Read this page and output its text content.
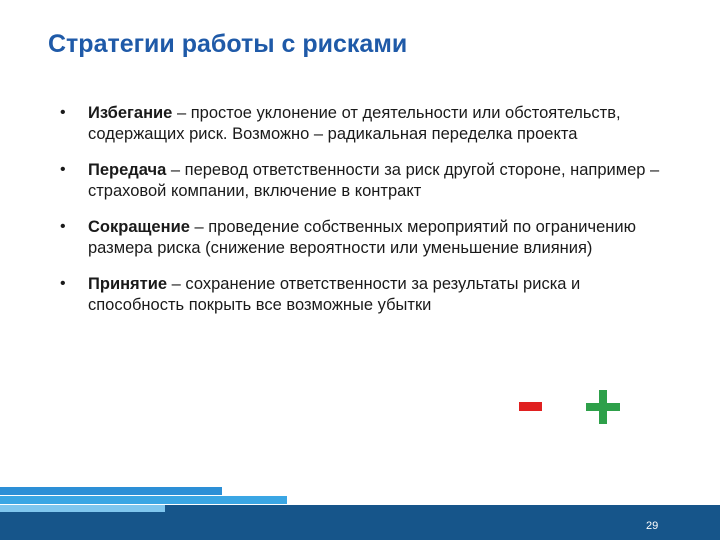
Стратегии работы с рисками
• Избегание – простое уклонение от деятельности или обстоятельств, содержащих риск. Возможно – радикальная переделка проекта
• Передача – перевод ответственности за риск другой стороне, например – страховой компании, включение в контракт
• Сокращение – проведение собственных мероприятий по ограничению размера риска (снижение вероятности или уменьшение влияния)
• Принятие – сохранение ответственности за результаты риска и способность покрыть все возможные убытки
29
